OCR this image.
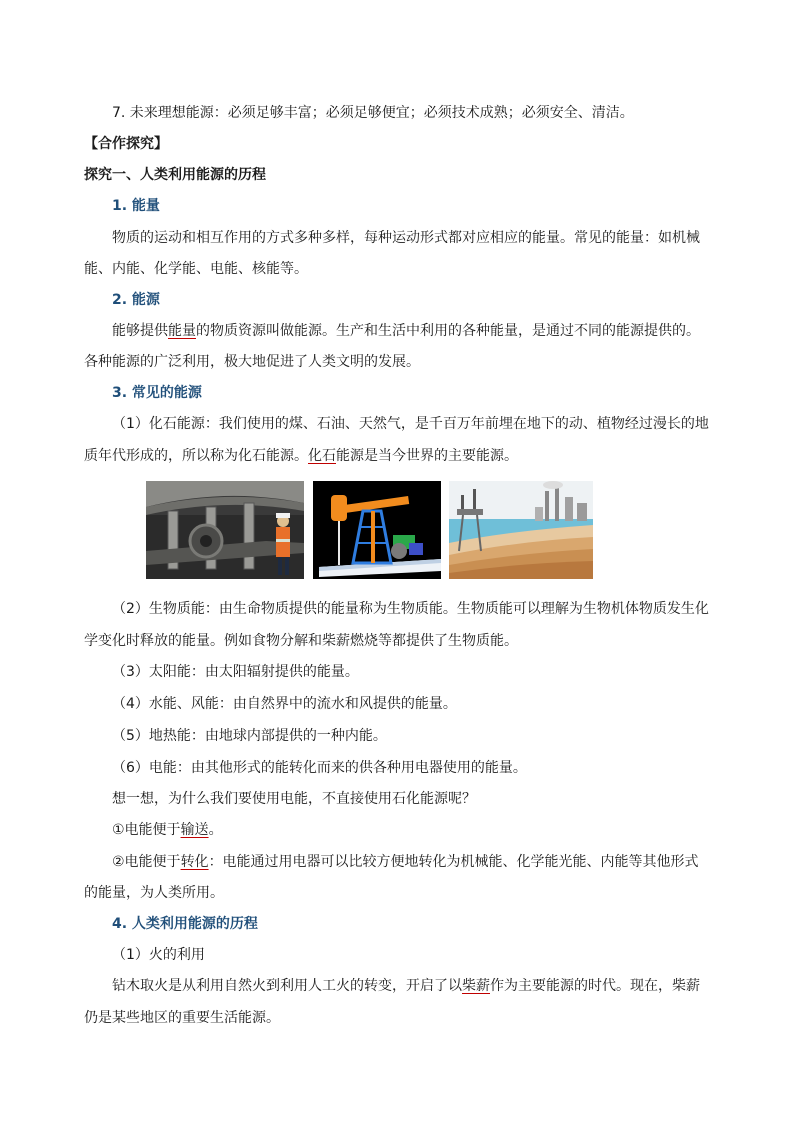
7. 未来理想能源：必须足够丰富；必须足够便宜；必须技术成熟；必须安全、清洁。
【合作探究】
探究一、人类利用能源的历程
1. 能量
物质的运动和相互作用的方式多种多样，每种运动形式都对应相应的能量。常见的能量：如机械
能、内能、化学能、电能、核能等。
2. 能源
能够提供能量的物质资源叫做能源。生产和生活中利用的各种能量，是通过不同的能源提供的。
各种能源的广泛利用，极大地促进了人类文明的发展。
3. 常见的能源
（1）化石能源：我们使用的煤、石油、天然气，是千百万年前埋在地下的动、植物经过漫长的地
质年代形成的，所以称为化石能源。化石能源是当今世界的主要能源。
（2）生物质能：由生命物质提供的能量称为生物质能。生物质能可以理解为生物机体物质发生化
学变化时释放的能量。例如食物分解和柴薪燃烧等都提供了生物质能。
（3）太阳能：由太阳辐射提供的能量。
（4）水能、风能：由自然界中的流水和风提供的能量。
（5）地热能：由地球内部提供的一种内能。
（6）电能：由其他形式的能转化而来的供各种用电器使用的能量。
想一想，为什么我们要使用电能，不直接使用石化能源呢？
①电能便于输送。
②电能便于转化：电能通过用电器可以比较方便地转化为机械能、化学能光能、内能等其他形式
的能量，为人类所用。
4. 人类利用能源的历程
（1）火的利用
钻木取火是从利用自然火到利用人工火的转变，开启了以柴薪作为主要能源的时代。现在，柴薪
仍是某些地区的重要生活能源。
